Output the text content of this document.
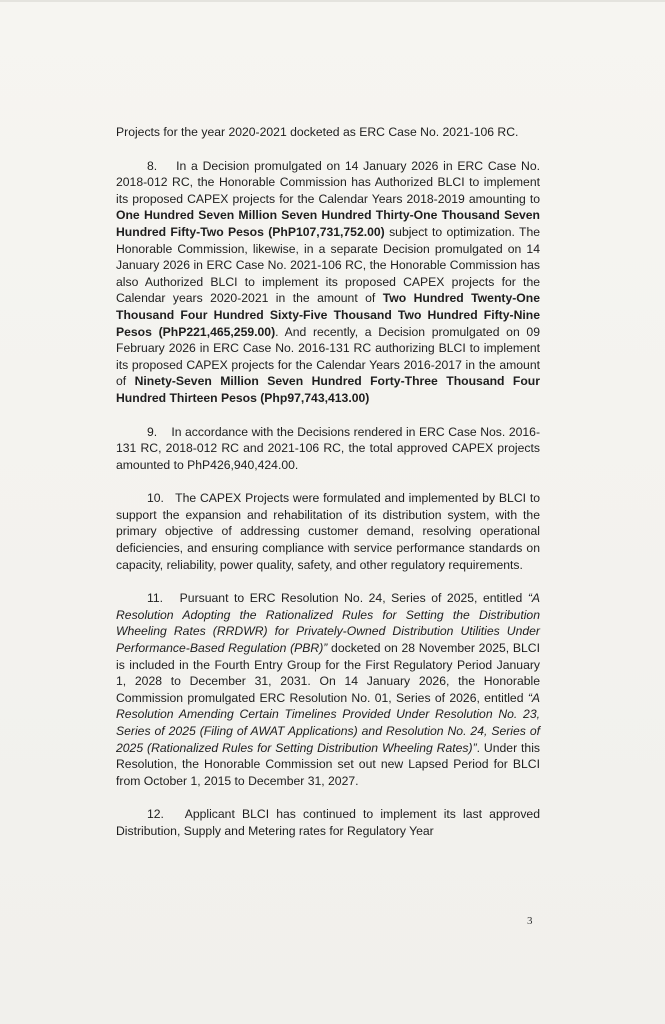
Projects for the year 2020-2021 docketed as ERC Case No. 2021-106 RC.

8.    In a Decision promulgated on 14 January 2026 in ERC Case No. 2018-012 RC, the Honorable Commission has Authorized BLCI to implement its proposed CAPEX projects for the Calendar Years 2018-2019 amounting to One Hundred Seven Million Seven Hundred Thirty-One Thousand Seven Hundred Fifty-Two Pesos (PhP107,731,752.00) subject to optimization. The Honorable Commission, likewise, in a separate Decision promulgated on 14 January 2026 in ERC Case No. 2021-106 RC, the Honorable Commission has also Authorized BLCI to implement its proposed CAPEX projects for the Calendar years 2020-2021 in the amount of Two Hundred Twenty-One Thousand Four Hundred Sixty-Five Thousand Two Hundred Fifty-Nine Pesos (PhP221,465,259.00). And recently, a Decision promulgated on 09 February 2026 in ERC Case No. 2016-131 RC authorizing BLCI to implement its proposed CAPEX projects for the Calendar Years 2016-2017 in the amount of Ninety-Seven Million Seven Hundred Forty-Three Thousand Four Hundred Thirteen Pesos (Php97,743,413.00)

9.    In accordance with the Decisions rendered in ERC Case Nos. 2016-131 RC, 2018-012 RC and 2021-106 RC, the total approved CAPEX projects amounted to PhP426,940,424.00.

10.   The CAPEX Projects were formulated and implemented by BLCI to support the expansion and rehabilitation of its distribution system, with the primary objective of addressing customer demand, resolving operational deficiencies, and ensuring compliance with service performance standards on capacity, reliability, power quality, safety, and other regulatory requirements.

11.   Pursuant to ERC Resolution No. 24, Series of 2025, entitled “A Resolution Adopting the Rationalized Rules for Setting the Distribution Wheeling Rates (RRDWR) for Privately-Owned Distribution Utilities Under Performance-Based Regulation (PBR)” docketed on 28 November 2025, BLCI is included in the Fourth Entry Group for the First Regulatory Period January 1, 2028 to December 31, 2031. On 14 January 2026, the Honorable Commission promulgated ERC Resolution No. 01, Series of 2026, entitled “A Resolution Amending Certain Timelines Provided Under Resolution No. 23, Series of 2025 (Filing of AWAT Applications) and Resolution No. 24, Series of 2025 (Rationalized Rules for Setting Distribution Wheeling Rates)”. Under this Resolution, the Honorable Commission set out new Lapsed Period for BLCI from October 1, 2015 to December 31, 2027.

12.   Applicant BLCI has continued to implement its last approved Distribution, Supply and Metering rates for Regulatory Year

3
